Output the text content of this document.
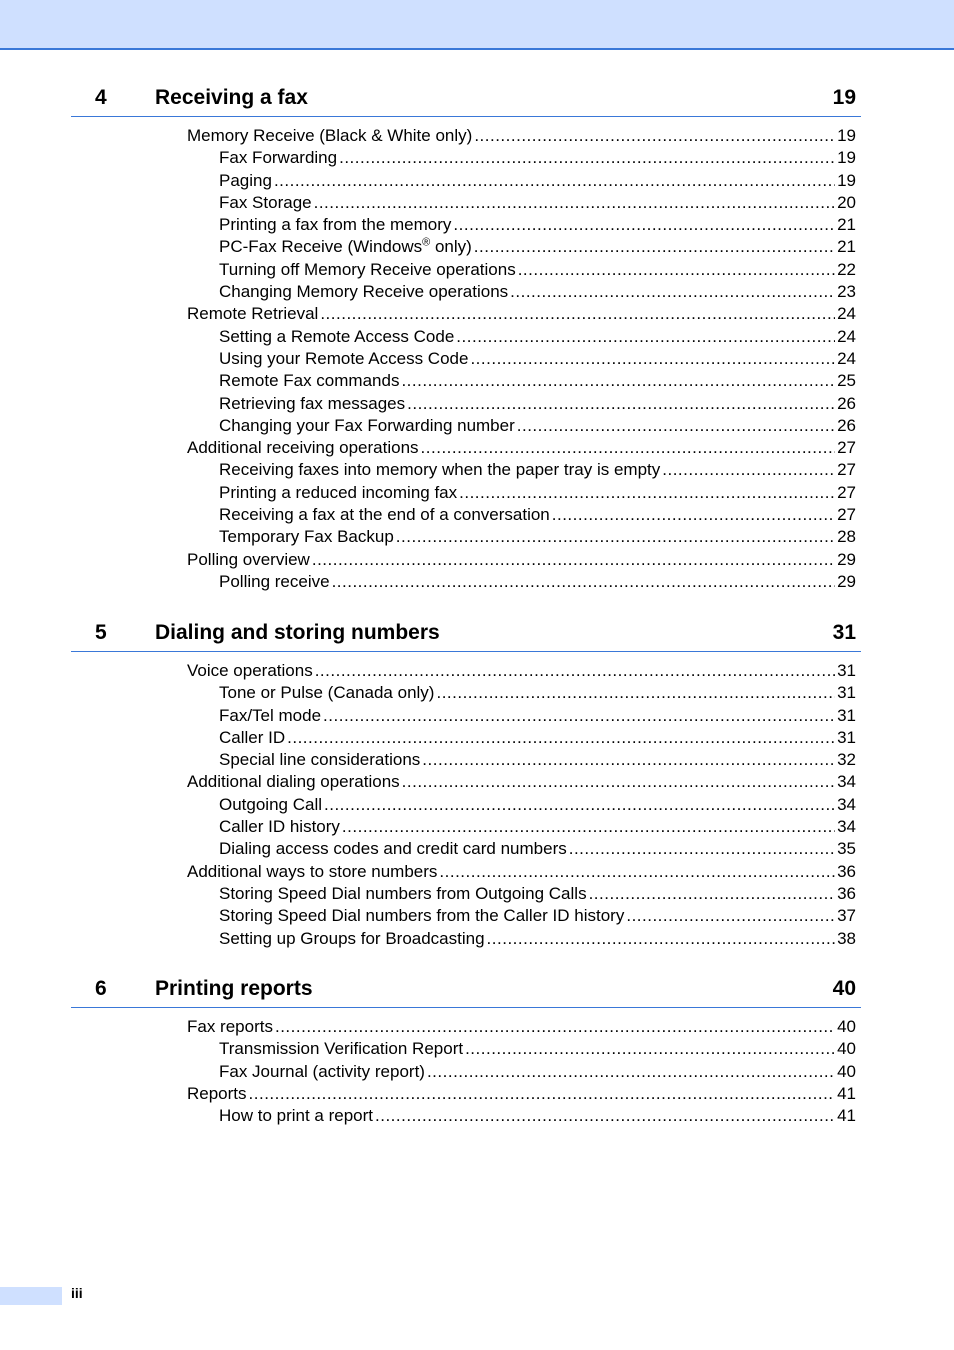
4 Receiving a fax	19
Memory Receive (Black & White only) .....	19
Fax Forwarding .....	19
Paging .....	19
Fax Storage .....	20
Printing a fax from the memory .....	21
PC-Fax Receive (Windows® only) .....	21
Turning off Memory Receive operations .....	22
Changing Memory Receive operations .....	23
Remote Retrieval .....	24
Setting a Remote Access Code .....	24
Using your Remote Access Code .....	24
Remote Fax commands .....	25
Retrieving fax messages .....	26
Changing your Fax Forwarding number .....	26
Additional receiving operations .....	27
Receiving faxes into memory when the paper tray is empty .....	27
Printing a reduced incoming fax .....	27
Receiving a fax at the end of a conversation .....	27
Temporary Fax Backup .....	28
Polling overview .....	29
Polling receive .....	29
5 Dialing and storing numbers	31
Voice operations .....	31
Tone or Pulse (Canada only) .....	31
Fax/Tel mode .....	31
Caller ID .....	31
Special line considerations .....	32
Additional dialing operations .....	34
Outgoing Call .....	34
Caller ID history .....	34
Dialing access codes and credit card numbers .....	35
Additional ways to store numbers .....	36
Storing Speed Dial numbers from Outgoing Calls .....	36
Storing Speed Dial numbers from the Caller ID history .....	37
Setting up Groups for Broadcasting .....	38
6 Printing reports	40
Fax reports .....	40
Transmission Verification Report .....	40
Fax Journal (activity report) .....	40
Reports .....	41
How to print a report .....	41
iii
